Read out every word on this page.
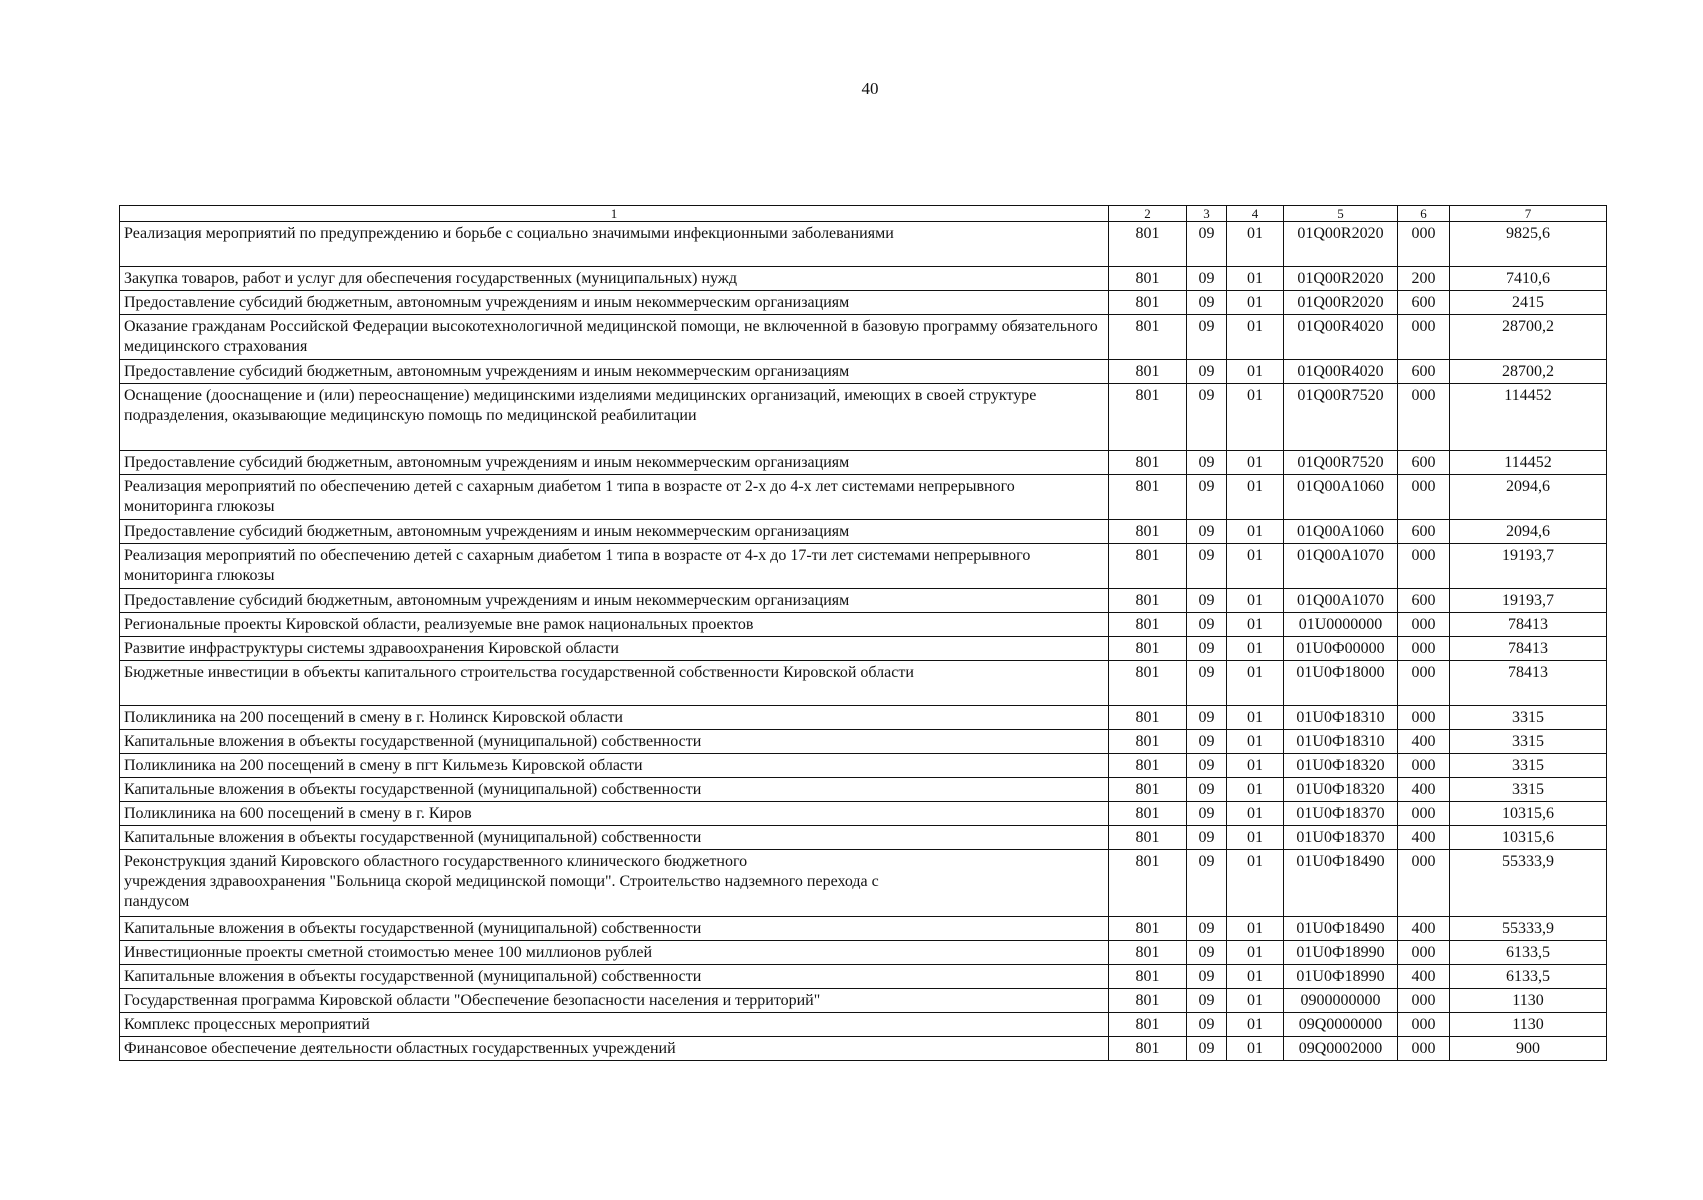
40
1	2	3	4	5	6	7
Реализация мероприятий по предупреждению и борьбе с социально значимыми инфекционными заболеваниями	801	09	01	01Q00R2020	000	9825,6
Закупка товаров, работ и услуг для обеспечения государственных (муниципальных) нужд	801	09	01	01Q00R2020	200	7410,6
Предоставление субсидий бюджетным, автономным учреждениям и иным некоммерческим организациям	801	09	01	01Q00R2020	600	2415
Оказание гражданам Российской Федерации высокотехнологичной медицинской помощи, не включенной в базовую программу обязательного медицинского страхования	801	09	01	01Q00R4020	000	28700,2
Предоставление субсидий бюджетным, автономным учреждениям и иным некоммерческим организациям	801	09	01	01Q00R4020	600	28700,2
Оснащение (дооснащение и (или) переоснащение) медицинскими изделиями медицинских организаций, имеющих в своей структуре подразделения, оказывающие медицинскую помощь по медицинской реабилитации	801	09	01	01Q00R7520	000	114452
Предоставление субсидий бюджетным, автономным учреждениям и иным некоммерческим организациям	801	09	01	01Q00R7520	600	114452
Реализация мероприятий по обеспечению детей с сахарным диабетом 1 типа в возрасте от 2-х до 4-х лет системами непрерывного мониторинга глюкозы	801	09	01	01Q00A1060	000	2094,6
Предоставление субсидий бюджетным, автономным учреждениям и иным некоммерческим организациям	801	09	01	01Q00A1060	600	2094,6
Реализация мероприятий по обеспечению детей с сахарным диабетом 1 типа в возрасте от 4-х до 17-ти лет системами непрерывного мониторинга глюкозы	801	09	01	01Q00A1070	000	19193,7
Предоставление субсидий бюджетным, автономным учреждениям и иным некоммерческим организациям	801	09	01	01Q00A1070	600	19193,7
Региональные проекты Кировской области, реализуемые вне рамок национальных проектов	801	09	01	01U0000000	000	78413
Развитие инфраструктуры системы здравоохранения Кировской области	801	09	01	01U0Ф00000	000	78413
Бюджетные инвестиции в объекты капитального строительства государственной собственности Кировской области	801	09	01	01U0Ф18000	000	78413
Поликлиника на 200 посещений в смену в г. Нолинск Кировской области	801	09	01	01U0Ф18310	000	3315
Капитальные вложения в объекты государственной (муниципальной) собственности	801	09	01	01U0Ф18310	400	3315
Поликлиника на 200 посещений в смену в пгт Кильмезь Кировской области	801	09	01	01U0Ф18320	000	3315
Капитальные вложения в объекты государственной (муниципальной) собственности	801	09	01	01U0Ф18320	400	3315
Поликлиника на 600 посещений в смену в г. Киров	801	09	01	01U0Ф18370	000	10315,6
Капитальные вложения в объекты государственной (муниципальной) собственности	801	09	01	01U0Ф18370	400	10315,6
Реконструкция зданий Кировского областного государственного клинического бюджетного
учреждения здравоохранения "Больница скорой медицинской помощи". Строительство надземного перехода с
пандусом	801	09	01	01U0Ф18490	000	55333,9
Капитальные вложения в объекты государственной (муниципальной) собственности	801	09	01	01U0Ф18490	400	55333,9
Инвестиционные проекты сметной стоимостью менее 100 миллионов рублей	801	09	01	01U0Ф18990	000	6133,5
Капитальные вложения в объекты государственной (муниципальной) собственности	801	09	01	01U0Ф18990	400	6133,5
Государственная программа Кировской области "Обеспечение безопасности населения и территорий"	801	09	01	0900000000	000	1130
Комплекс процессных мероприятий	801	09	01	09Q0000000	000	1130
Финансовое обеспечение деятельности областных государственных учреждений	801	09	01	09Q0002000	000	900
